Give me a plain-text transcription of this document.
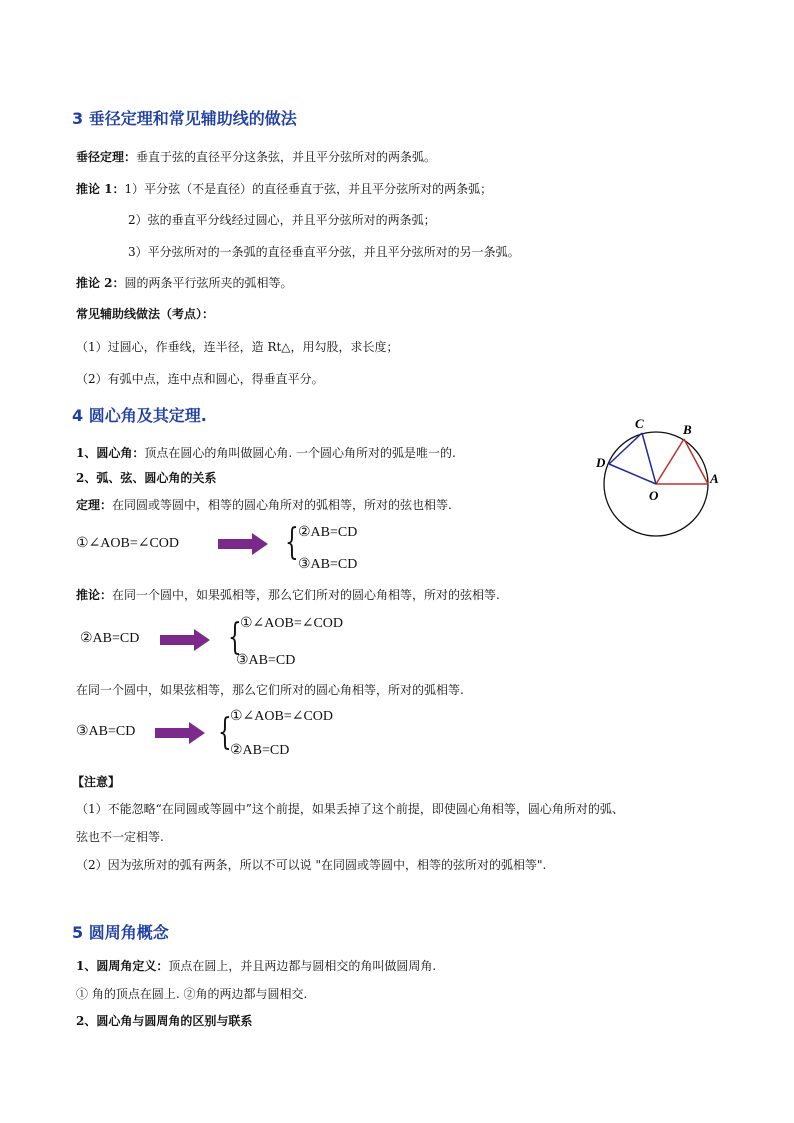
3 垂径定理和常见辅助线的做法
垂径定理：垂直于弦的直径平分这条弦，并且平分弦所对的两条弧。
推论 1：1）平分弦（不是直径）的直径垂直于弦，并且平分弦所对的两条弧；
2）弦的垂直平分线经过圆心，并且平分弦所对的两条弧；
3）平分弦所对的一条弧的直径垂直平分弦，并且平分弦所对的另一条弧。
推论 2：圆的两条平行弦所夹的弧相等。
常见辅助线做法（考点）：
（1）过圆心，作垂线，连半径，造 Rt△，用勾股，求长度；
（2）有弧中点，连中点和圆心，得垂直平分。
4 圆心角及其定理.
1、圆心角：顶点在圆心的角叫做圆心角. 一个圆心角所对的弧是唯一的.
2、弧、弦、圆心角的关系
定理：在同圆或等圆中，相等的圆心角所对的弧相等，所对的弦也相等.
C	B
D
O
A
①∠AOB=∠COD	{ ②AB=CD
③AB=CD
推论：在同一个圆中，如果弧相等，那么它们所对的圆心角相等，所对的弦相等.
②AB=CD {
①∠AOB=∠COD
③AB=CD
在同一个圆中，如果弦相等，那么它们所对的圆心角相等，所对的弧相等.
③AB=CD {
①∠AOB=∠COD
②AB=CD
【注意】
（1）不能忽略“在同圆或等圆中”这个前提，如果丢掉了这个前提，即使圆心角相等，圆心角所对的弧、
弦也不一定相等.
（2）因为弦所对的弧有两条，所以不可以说 "在同圆或等圆中，相等的弦所对的弧相等".
5 圆周角概念
1、圆周角定义：顶点在圆上，并且两边都与圆相交的角叫做圆周角.
① 角的顶点在圆上. ②角的两边都与圆相交.
2、圆心角与圆周角的区别与联系
